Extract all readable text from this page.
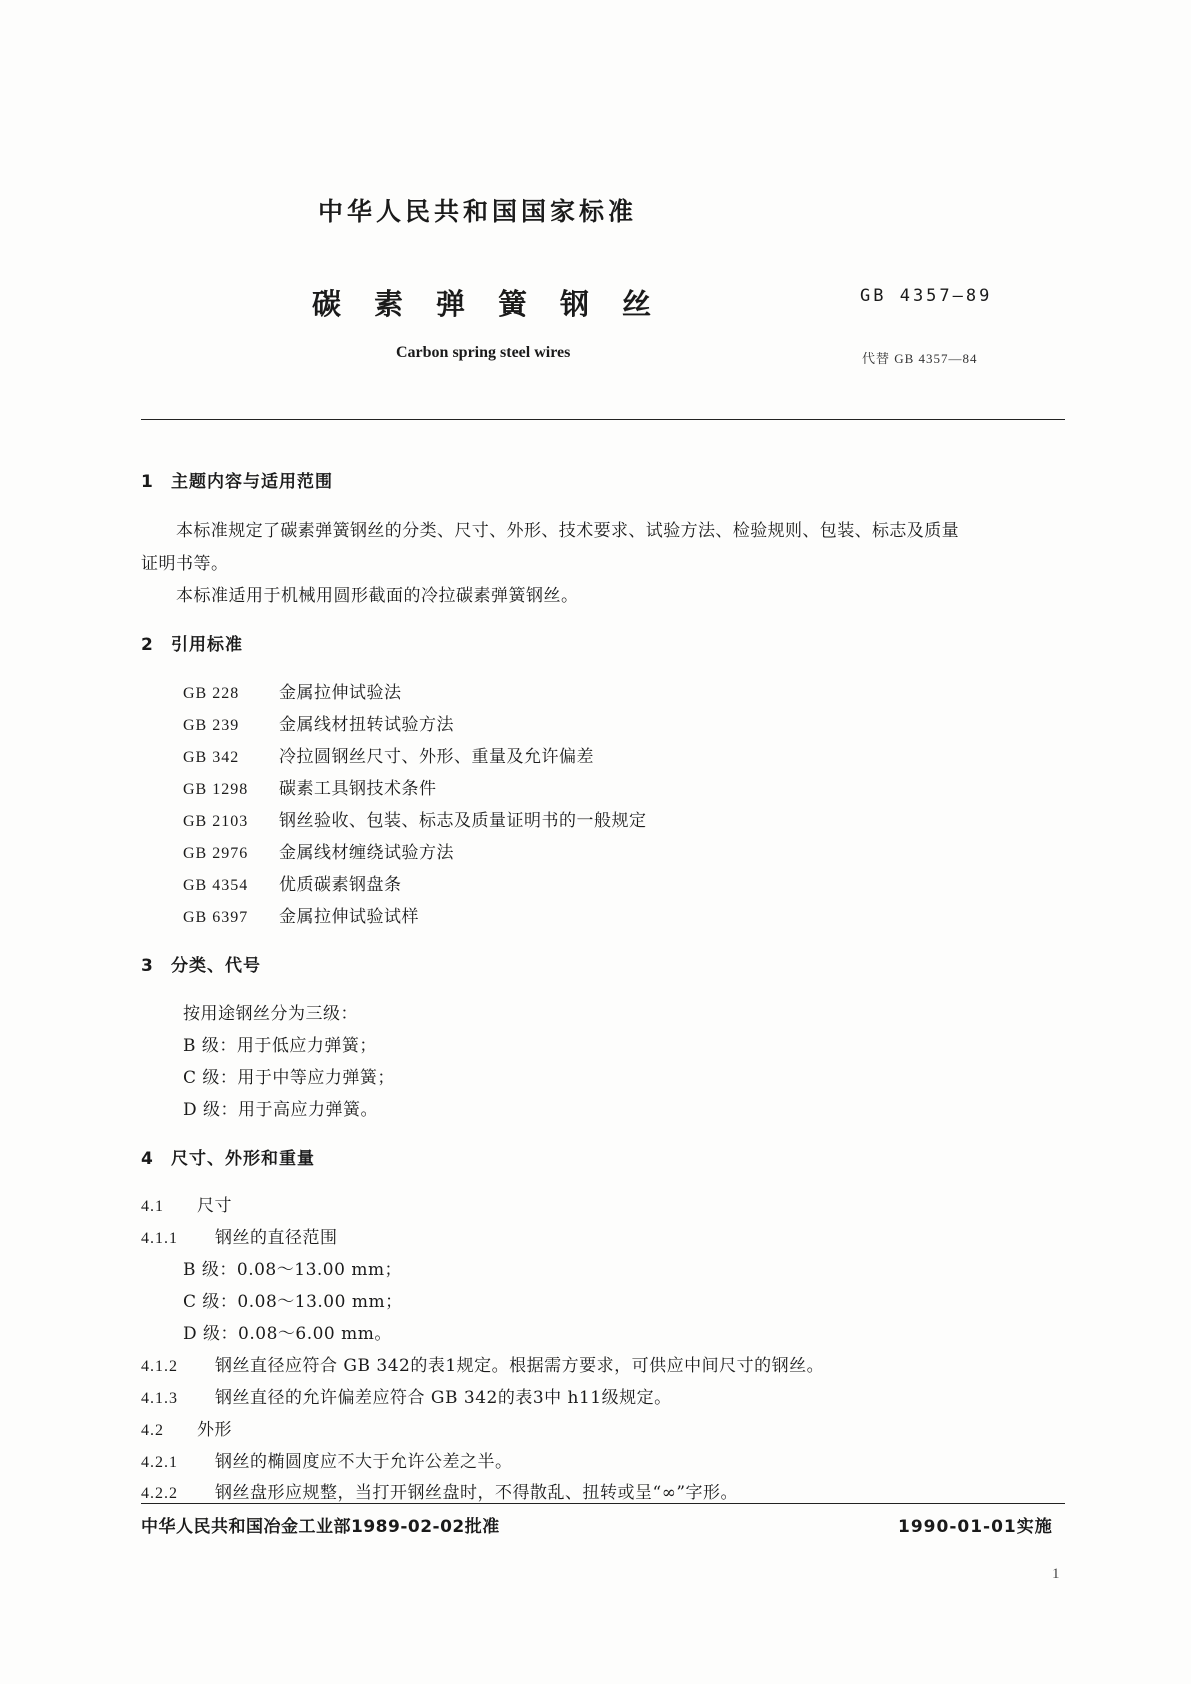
中华人民共和国国家标准
碳素弹簧钢丝	GB 4357—89
Carbon spring steel wires	代替 GB 4357—84
1 主题内容与适用范围
本标准规定了碳素弹簧钢丝的分类、尺寸、外形、技术要求、试验方法、检验规则、包装、标志及质量
证明书等。
本标准适用于机械用圆形截面的冷拉碳素弹簧钢丝。
2 引用标准
GB 228 金属拉伸试验法
GB 239 金属线材扭转试验方法
GB 342 冷拉圆钢丝尺寸、外形、重量及允许偏差
GB 1298 碳素工具钢技术条件
GB 2103 钢丝验收、包装、标志及质量证明书的一般规定
GB 2976 金属线材缠绕试验方法
GB 4354 优质碳素钢盘条
GB 6397 金属拉伸试验试样
3 分类、代号
按用途钢丝分为三级：
B 级：用于低应力弹簧；
C 级：用于中等应力弹簧；
D 级：用于高应力弹簧。
4 尺寸、外形和重量
4.1 尺寸
4.1.1 钢丝的直径范围
B 级：0.08～13.00 mm；
C 级：0.08～13.00 mm；
D 级：0.08～6.00 mm。
4.1.2 钢丝直径应符合 GB 342的表1规定。根据需方要求，可供应中间尺寸的钢丝。
4.1.3 钢丝直径的允许偏差应符合 GB 342的表3中 h11级规定。
4.2 外形
4.2.1 钢丝的椭圆度应不大于允许公差之半。
4.2.2 钢丝盘形应规整，当打开钢丝盘时，不得散乱、扭转或呈“∞”字形。
中华人民共和国冶金工业部1989-02-02批准	1990-01-01实施
1
